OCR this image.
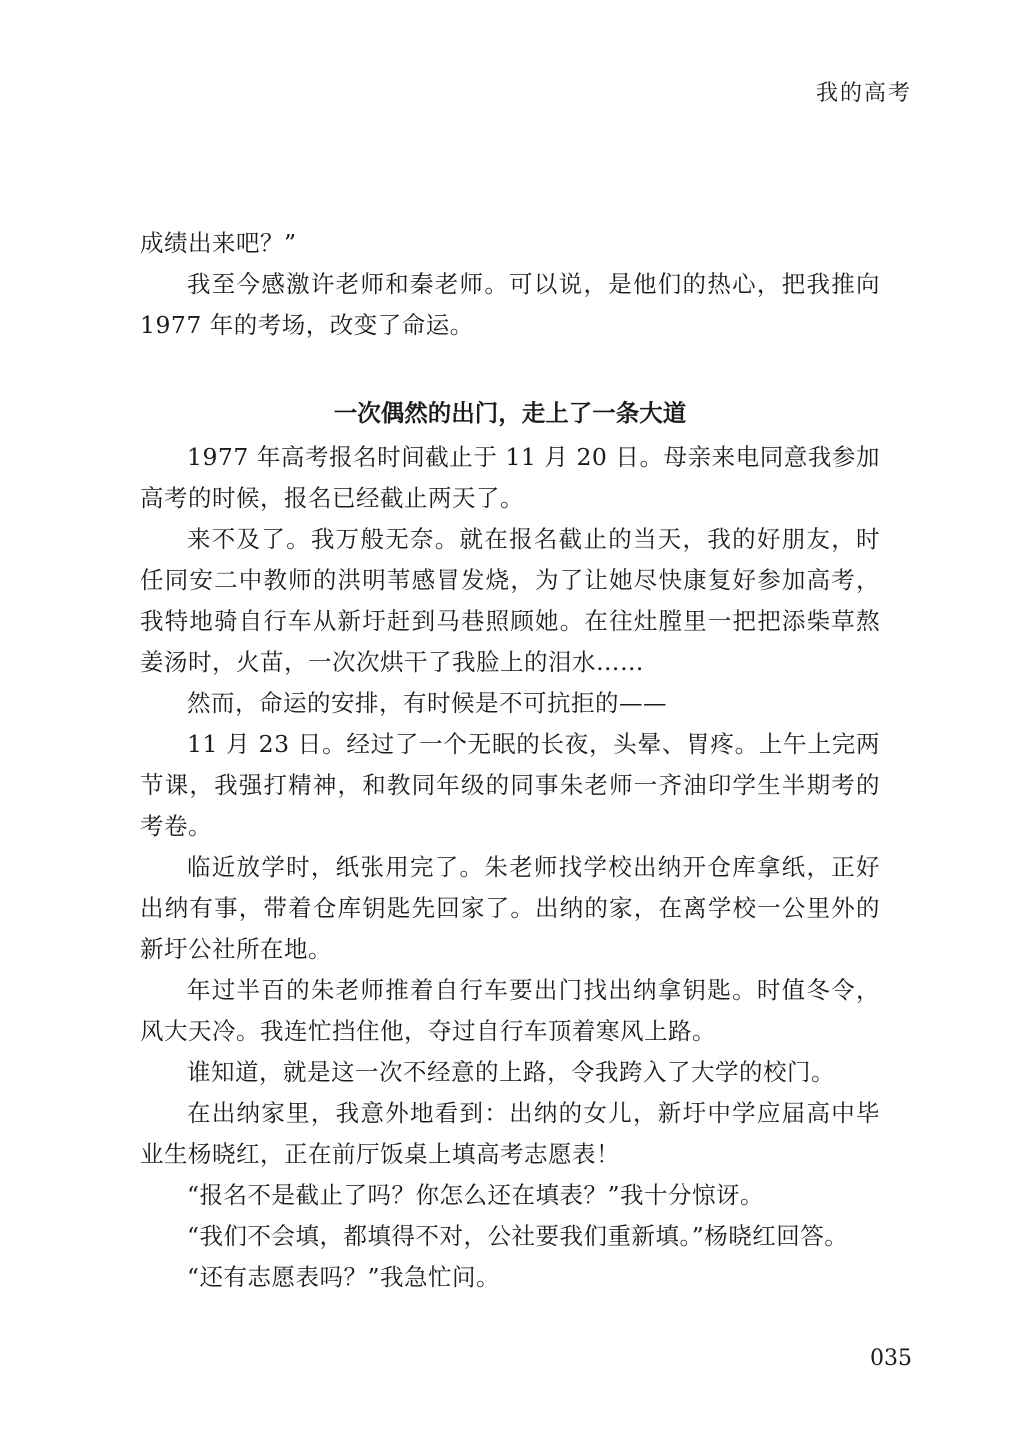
我的高考

成绩出来吧？”

我至今感激许老师和秦老师。可以说，是他们的热心，把我推向 1977 年的考场，改变了命运。

一次偶然的出门，走上了一条大道

1977 年高考报名时间截止于 11 月 20 日。母亲来电同意我参加高考的时候，报名已经截止两天了。

来不及了。我万般无奈。就在报名截止的当天，我的好朋友，时任同安二中教师的洪明苇感冒发烧，为了让她尽快康复好参加高考，我特地骑自行车从新圩赶到马巷照顾她。在往灶膛里一把把添柴草熬姜汤时，火苗，一次次烘干了我脸上的泪水……

然而，命运的安排，有时候是不可抗拒的——

11 月 23 日。经过了一个无眠的长夜，头晕、胃疼。上午上完两节课，我强打精神，和教同年级的同事朱老师一齐油印学生半期考的考卷。

临近放学时，纸张用完了。朱老师找学校出纳开仓库拿纸，正好出纳有事，带着仓库钥匙先回家了。出纳的家，在离学校一公里外的新圩公社所在地。

年过半百的朱老师推着自行车要出门找出纳拿钥匙。时值冬令，风大天冷。我连忙挡住他，夺过自行车顶着寒风上路。

谁知道，就是这一次不经意的上路，令我跨入了大学的校门。

在出纳家里，我意外地看到：出纳的女儿，新圩中学应届高中毕业生杨晓红，正在前厅饭桌上填高考志愿表！

“报名不是截止了吗？你怎么还在填表？”我十分惊讶。

“我们不会填，都填得不对，公社要我们重新填。”杨晓红回答。

“还有志愿表吗？”我急忙问。

035
